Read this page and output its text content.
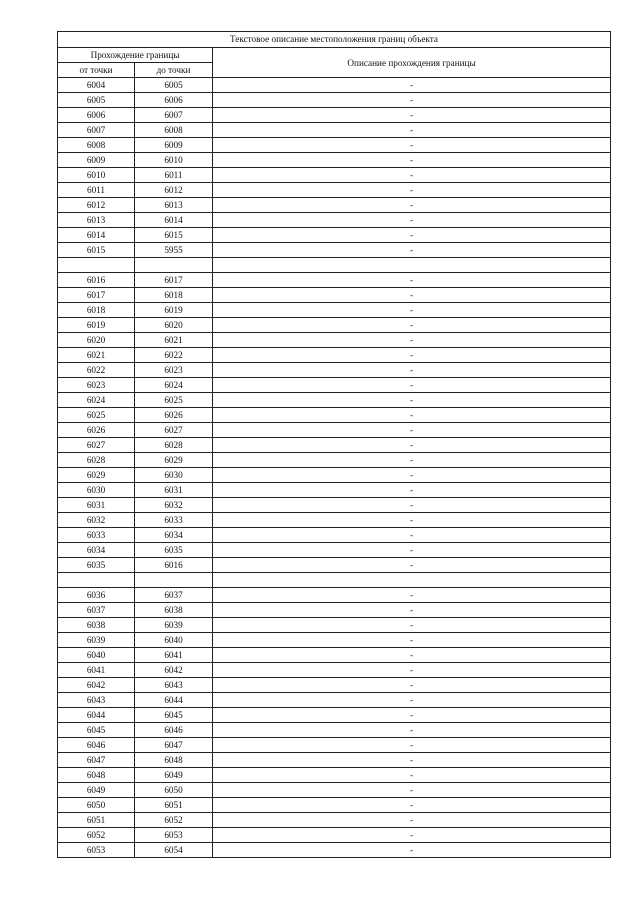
Текстовое описание местоположения границ объекта		
Прохождение границы		Описание прохождения границы
от точки	до точки	
6004	6005	-
6005	6006	-
6006	6007	-
6007	6008	-
6008	6009	-
6009	6010	-
6010	6011	-
6011	6012	-
6012	6013	-
6013	6014	-
6014	6015	-
6015	5955	-

6016	6017	-
6017	6018	-
6018	6019	-
6019	6020	-
6020	6021	-
6021	6022	-
6022	6023	-
6023	6024	-
6024	6025	-
6025	6026	-
6026	6027	-
6027	6028	-
6028	6029	-
6029	6030	-
6030	6031	-
6031	6032	-
6032	6033	-
6033	6034	-
6034	6035	-
6035	6016	-

6036	6037	-
6037	6038	-
6038	6039	-
6039	6040	-
6040	6041	-
6041	6042	-
6042	6043	-
6043	6044	-
6044	6045	-
6045	6046	-
6046	6047	-
6047	6048	-
6048	6049	-
6049	6050	-
6050	6051	-
6051	6052	-
6052	6053	-
6053	6054	-
